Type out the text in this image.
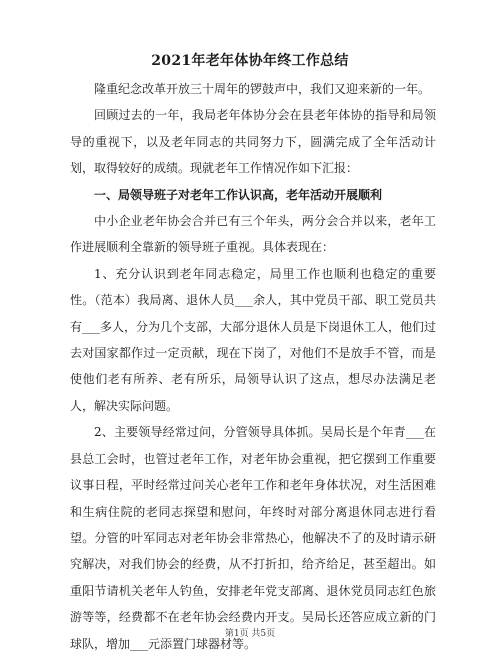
2021年老年体协年终工作总结

隆重纪念改革开放三十周年的锣鼓声中，我们又迎来新的一年。

回顾过去的一年，我局老年体协分会在县老年体协的指导和局领导的重视下，以及老年同志的共同努力下，圆满完成了全年活动计划，取得较好的成绩。现就老年工作情况作如下汇报：

一、局领导班子对老年工作认识高，老年活动开展顺利

中小企业老年协会合并已有三个年头，两分会合并以来，老年工作进展顺利全靠新的领导班子重视。具体表现在：

1、充分认识到老年同志稳定，局里工作也顺利也稳定的重要性。（范本）我局离、退休人员___余人，其中党员干部、职工党员共有___多人，分为几个支部，大部分退休人员是下岗退休工人，他们过去对国家都作过一定贡献，现在下岗了，对他们不是放手不管，而是使他们老有所养、老有所乐，局领导认识了这点，想尽办法满足老人，解决实际问题。

2、主要领导经常过问，分管领导具体抓。吴局长是个年青___在县总工会时，也管过老年工作，对老年协会重视，把它摆到工作重要议事日程，平时经常过问关心老年工作和老年身体状况，对生活困难和生病住院的老同志探望和慰问，年终时对部分离退休同志进行看望。分管的叶军同志对老年协会非常热心，他解决不了的及时请示研究解决，对我们协会的经费，从不打折扣，给齐给足，甚至超出。如重阳节请机关老年人钓鱼，安排老年党支部离、退休党员同志红色旅游等等，经费都不在老年协会经费内开支。吴局长还答应成立新的门球队，增加___元添置门球器材等。

第1页 共5页
